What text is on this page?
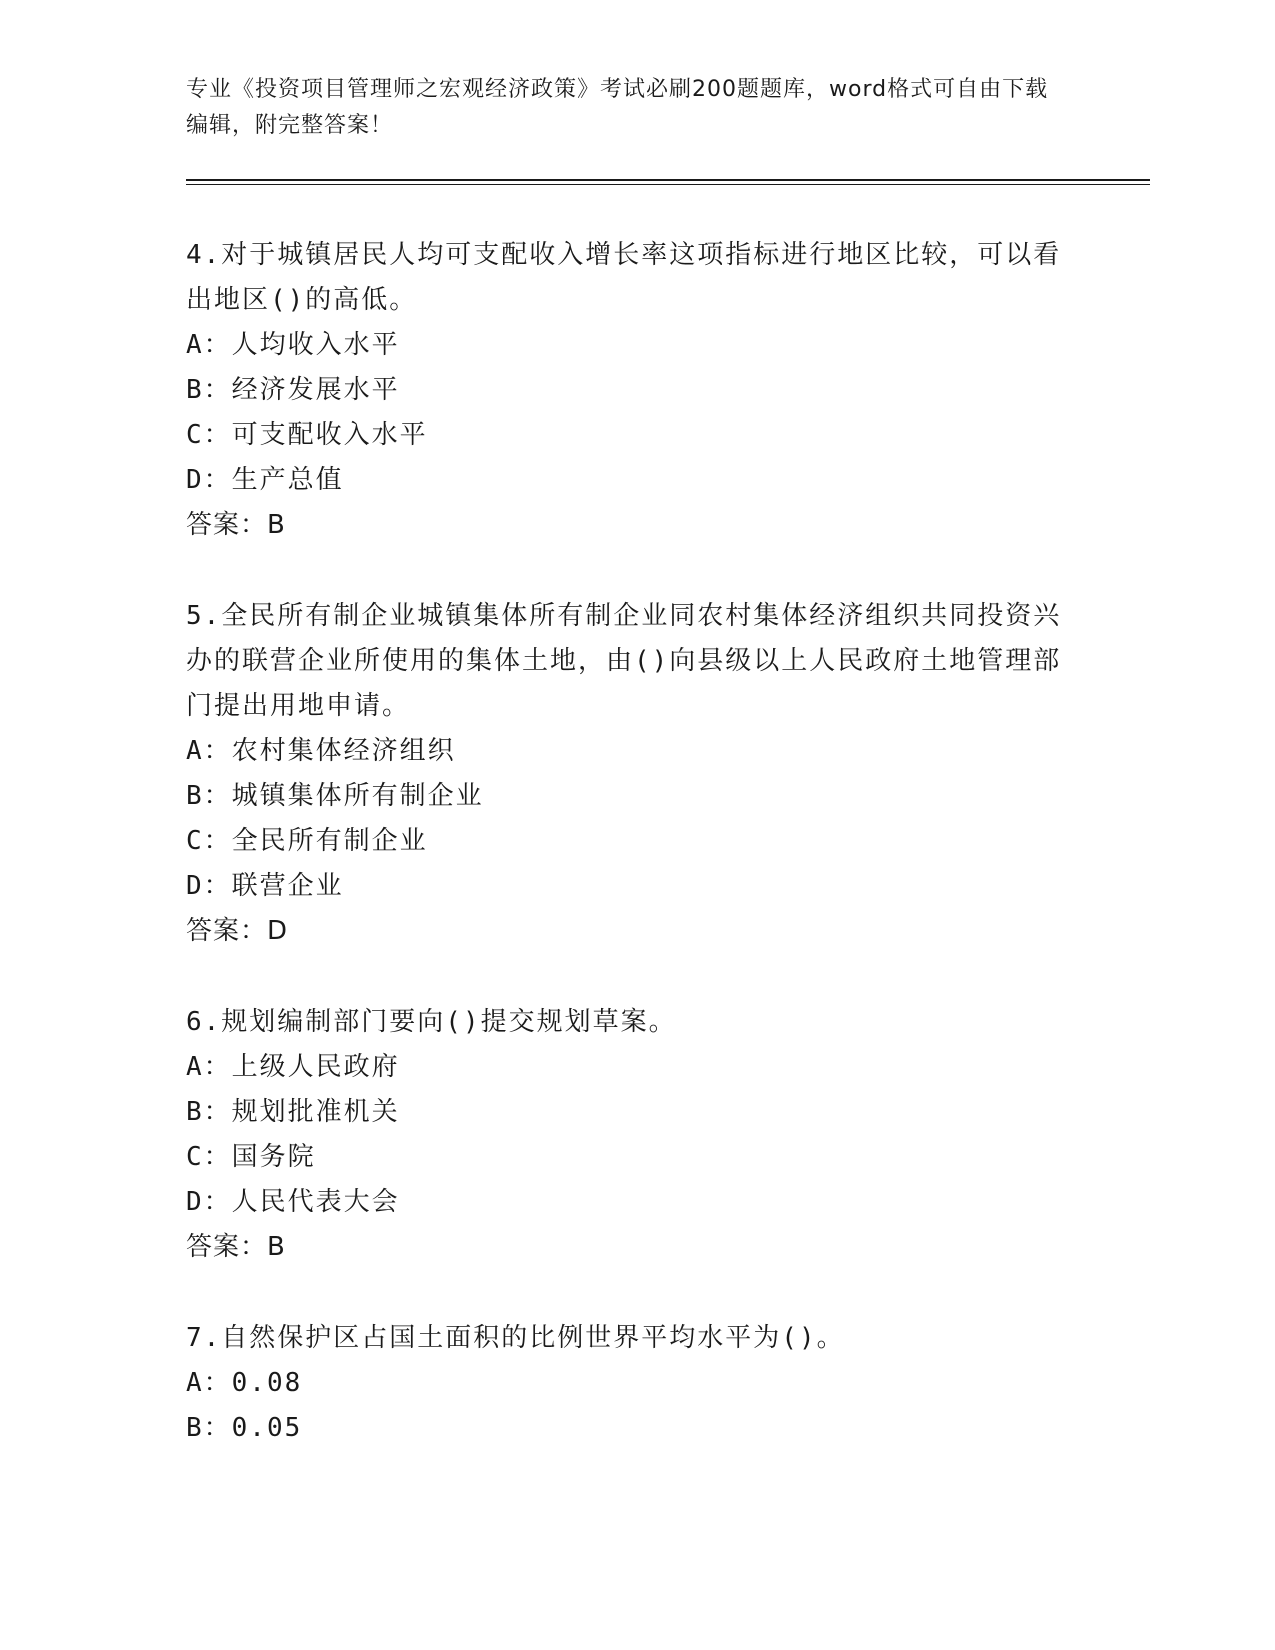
专业《投资项目管理师之宏观经济政策》考试必刷200题题库，word格式可自由下载编辑，附完整答案！

4.对于城镇居民人均可支配收入增长率这项指标进行地区比较，可以看出地区()的高低。

A：人均收入水平

B：经济发展水平

C：可支配收入水平

D：生产总值

答案：B

5.全民所有制企业城镇集体所有制企业同农村集体经济组织共同投资兴办的联营企业所使用的集体土地，由()向县级以上人民政府土地管理部门提出用地申请。

A：农村集体经济组织

B：城镇集体所有制企业

C：全民所有制企业

D：联营企业

答案：D

6.规划编制部门要向()提交规划草案。

A：上级人民政府

B：规划批准机关

C：国务院

D：人民代表大会

答案：B

7.自然保护区占国土面积的比例世界平均水平为()。

A：0.08

B：0.05
